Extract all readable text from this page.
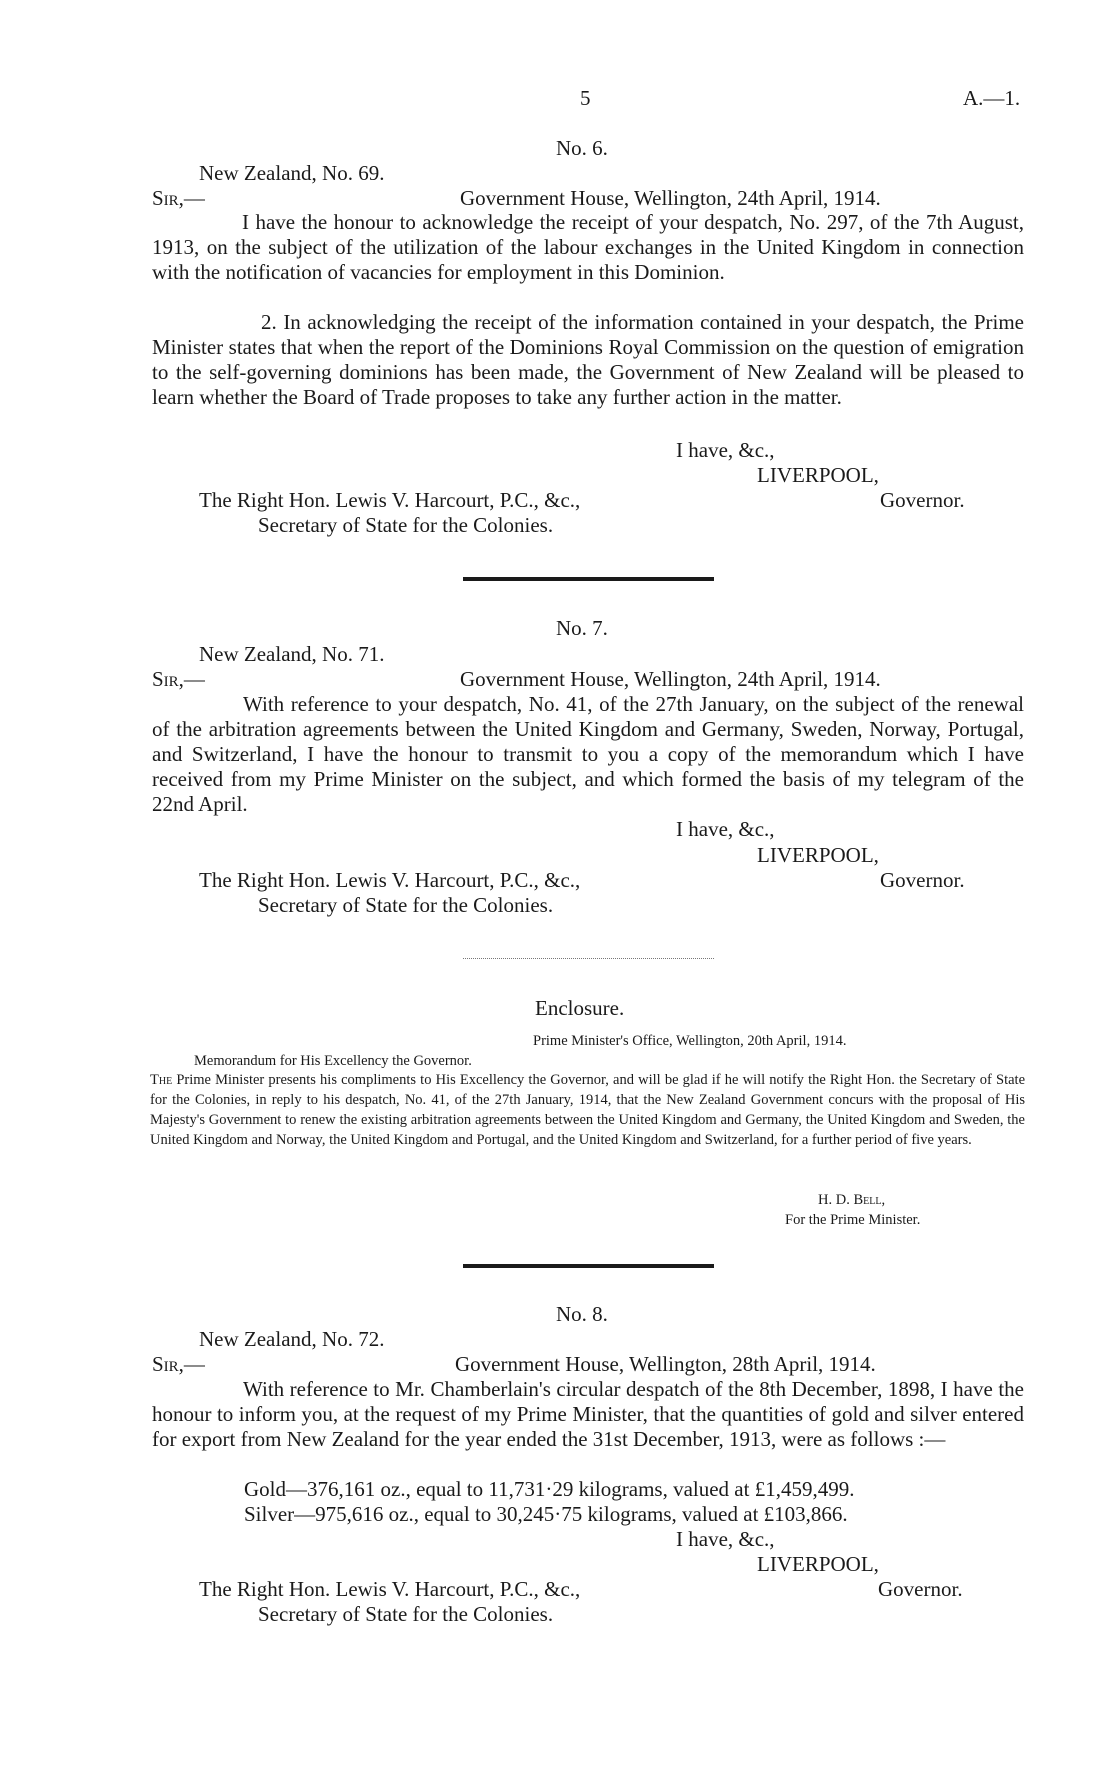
5	A.—1.
No. 6.
New Zealand, No. 69.
Sir,—	Government House, Wellington, 24th April, 1914.
I have the honour to acknowledge the receipt of your despatch, No. 297, of the 7th August, 1913, on the subject of the utilization of the labour exchanges in the United Kingdom in connection with the notification of vacancies for employment in this Dominion.
2. In acknowledging the receipt of the information contained in your despatch, the Prime Minister states that when the report of the Dominions Royal Commission on the question of emigration to the self-governing dominions has been made, the Government of New Zealand will be pleased to learn whether the Board of Trade proposes to take any further action in the matter.
I have, &c.,
LIVERPOOL,
Governor.
The Right Hon. Lewis V. Harcourt, P.C., &c.,
Secretary of State for the Colonies.
No. 7.
New Zealand, No. 71.
Sir,—	Government House, Wellington, 24th April, 1914.
With reference to your despatch, No. 41, of the 27th January, on the subject of the renewal of the arbitration agreements between the United Kingdom and Germany, Sweden, Norway, Portugal, and Switzerland, I have the honour to transmit to you a copy of the memorandum which I have received from my Prime Minister on the subject, and which formed the basis of my telegram of the 22nd April.
I have, &c.,
LIVERPOOL,
Governor.
The Right Hon. Lewis V. Harcourt, P.C., &c.,
Secretary of State for the Colonies.
Enclosure.
Prime Minister's Office, Wellington, 20th April, 1914.
Memorandum for His Excellency the Governor.
The Prime Minister presents his compliments to His Excellency the Governor, and will be glad if he will notify the Right Hon. the Secretary of State for the Colonies, in reply to his despatch, No. 41, of the 27th January, 1914, that the New Zealand Government concurs with the proposal of His Majesty's Government to renew the existing arbitration agreements between the United Kingdom and Germany, the United Kingdom and Sweden, the United Kingdom and Norway, the United Kingdom and Portugal, and the United Kingdom and Switzerland, for a further period of five years.
H. D. Bell,
For the Prime Minister.
No. 8.
New Zealand, No. 72.
Sir,—	Government House, Wellington, 28th April, 1914.
With reference to Mr. Chamberlain's circular despatch of the 8th December, 1898, I have the honour to inform you, at the request of my Prime Minister, that the quantities of gold and silver entered for export from New Zealand for the year ended the 31st December, 1913, were as follows :—
Gold—376,161 oz., equal to 11,731·29 kilograms, valued at £1,459,499.
Silver—975,616 oz., equal to 30,245·75 kilograms, valued at £103,866.
I have, &c.,
LIVERPOOL,
Governor.
The Right Hon. Lewis V. Harcourt, P.C., &c.,
Secretary of State for the Colonies.
